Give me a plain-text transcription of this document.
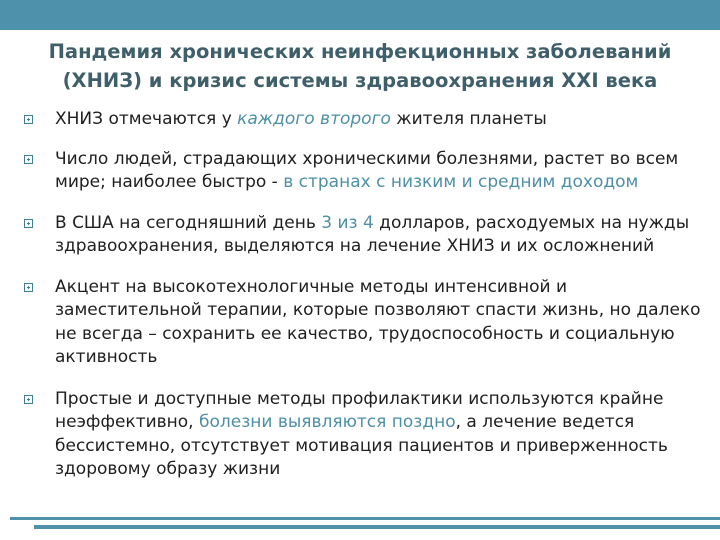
Пандемия хронических неинфекционных заболеваний
(ХНИЗ) и кризис системы здравоохранения XXI века
ХНИЗ отмечаются у каждого второго жителя планеты
Число людей, страдающих хроническими болезнями, растет во всем мире; наиболее быстро - в странах с низким и средним доходом
В США на сегодняшний день 3 из 4 долларов, расходуемых на нужды здравоохранения, выделяются на лечение ХНИЗ и их осложнений
Акцент на высокотехнологичные методы интенсивной и заместительной терапии, которые позволяют спасти жизнь, но далеко не всегда – сохранить ее качество, трудоспособность и социальную активность
Простые и доступные методы профилактики используются крайне неэффективно, болезни выявляются поздно, а лечение ведется бессистемно, отсутствует мотивация пациентов и приверженность здоровому образу жизни
